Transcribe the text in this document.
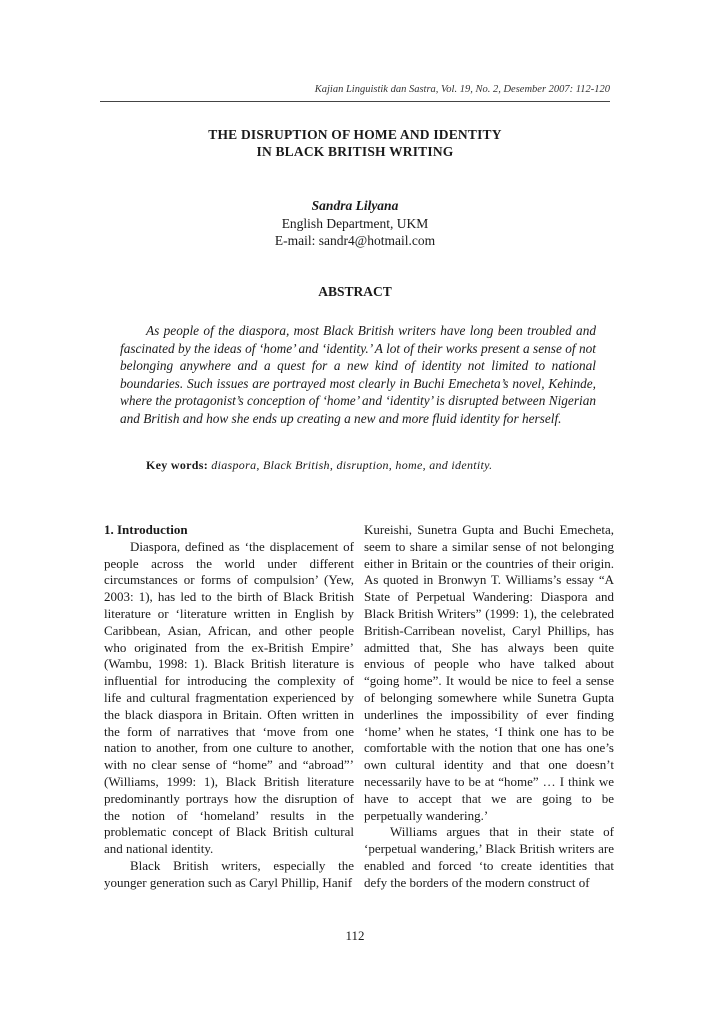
Kajian Linguistik dan Sastra, Vol. 19, No. 2, Desember 2007: 112-120
THE DISRUPTION OF HOME AND IDENTITY
IN BLACK BRITISH WRITING
Sandra Lilyana
English Department, UKM
E-mail: sandr4@hotmail.com
ABSTRACT
As people of the diaspora, most Black British writers have long been troubled and fascinated by the ideas of ‘home’ and ‘identity.’ A lot of their works present a sense of not belonging anywhere and a quest for a new kind of identity not limited to national boundaries. Such issues are portrayed most clearly in Buchi Emecheta’s novel, Kehinde, where the protagonist’s conception of ‘home’ and ‘identity’ is disrupted between Nigerian and British and how she ends up creating a new and more fluid identity for herself.
Key words: diaspora, Black British, disruption, home, and identity.

1. Introduction

Diaspora, defined as ‘the displacement of people across the world under different circumstances or forms of compulsion’ (Yew, 2003: 1), has led to the birth of Black British literature or ‘literature written in English by Caribbean, Asian, African, and other people who originated from the ex-British Empire’ (Wambu, 1998: 1). Black British literature is influential for introducing the complexity of life and cultural fragmentation experienced by the black diaspora in Britain. Often written in the form of narratives that ‘move from one nation to another, from one culture to another, with no clear sense of “home” and “abroad”’ (Williams, 1999: 1), Black British literature predominantly portrays how the disruption of the notion of ‘homeland’ results in the problematic concept of Black British cultural and national identity.

Black British writers, especially the younger generation such as Caryl Phillip, Hanif

Kureishi, Sunetra Gupta and Buchi Emecheta, seem to share a similar sense of not belonging either in Britain or the countries of their origin. As quoted in Bronwyn T. Williams’s essay “A State of Perpetual Wandering: Diaspora and Black British Writers” (1999: 1), the celebrated British-Carribean novelist, Caryl Phillips, has admitted that, She has always been quite envious of people who have talked about “going home”. It would be nice to feel a sense of belonging somewhere while Sunetra Gupta underlines the impossibility of ever finding ‘home’ when he states, ‘I think one has to be comfortable with the notion that one has one’s own cultural identity and that one doesn’t necessarily have to be at “home” … I think we have to accept that we are going to be perpetually wandering.’

Williams argues that in their state of ‘perpetual wandering,’ Black British writers are enabled and forced ‘to create identities that defy the borders of the modern construct of

112
